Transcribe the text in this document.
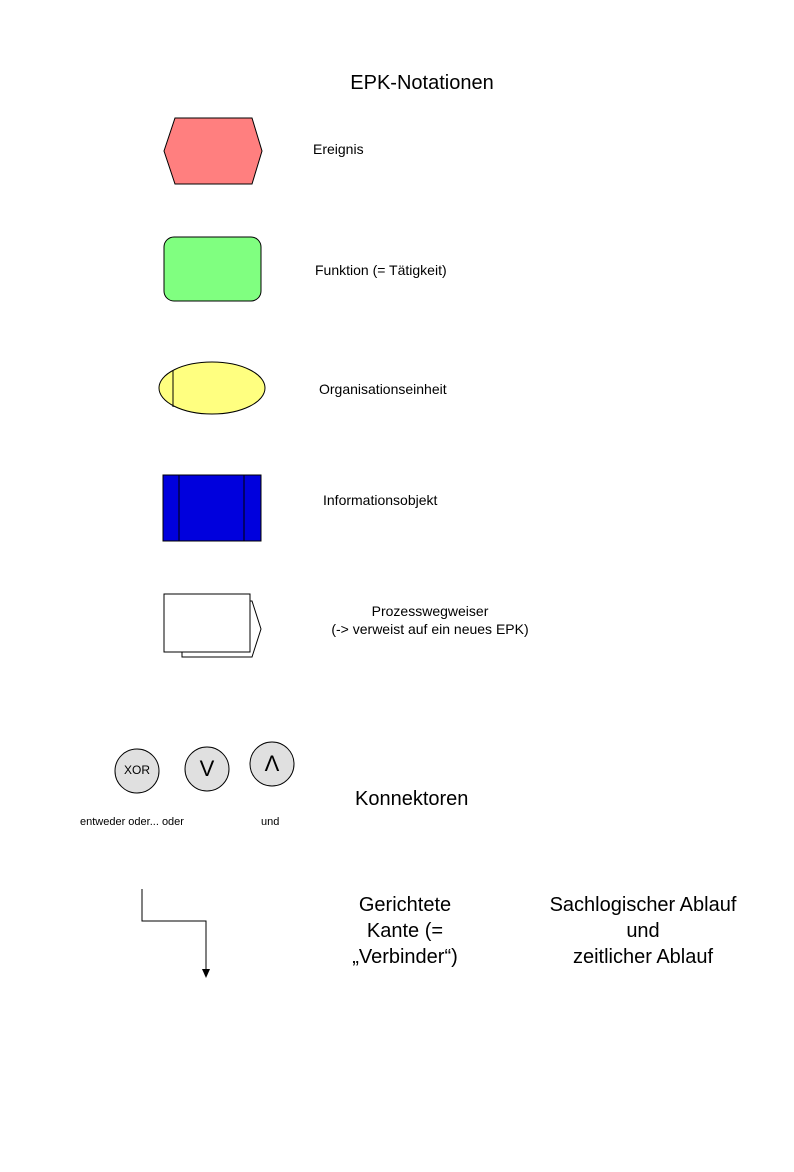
EPK-Notationen
XOR	V	Λ
Ereignis
Funktion (= Tätigkeit)
Organisationseinheit
Informationsobjekt
Prozesswegweiser
(-> verweist auf ein neues EPK)
Konnektoren
entweder oder... oder	und
Gerichtete
Kante (=
„Verbinder“)
Sachlogischer Ablauf
und
zeitlicher Ablauf
